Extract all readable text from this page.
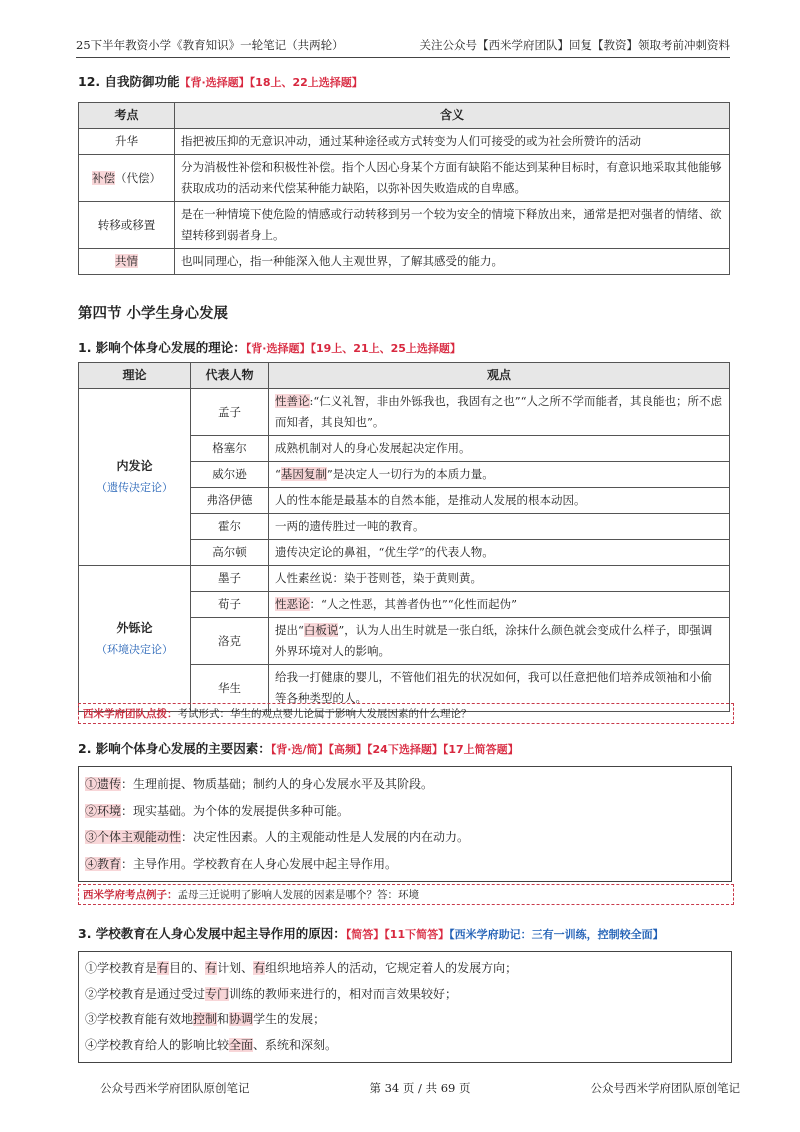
25下半年教资小学《教育知识》一轮笔记（共两轮）	关注公众号【西米学府团队】回复【教资】领取考前冲刺资料
12. 自我防御功能【背·选择题】【18上、22上选择题】
考点	含义
升华	指把被压抑的无意识冲动，通过某种途径或方式转变为人们可接受的或为社会所赞许的活动
补偿（代偿）	分为消极性补偿和积极性补偿。指个人因心身某个方面有缺陷不能达到某种目标时，有意识地采取其他能够获取成功的活动来代偿某种能力缺陷，以弥补因失败造成的自卑感。
转移或移置	是在一种情境下使危险的情感或行动转移到另一个较为安全的情境下释放出来，通常是把对强者的情绪、欲望转移到弱者身上。
共情	也叫同理心，指一种能深入他人主观世界，了解其感受的能力。
第四节 小学生身心发展
1. 影响个体身心发展的理论：【背·选择题】【19上、21上、25上选择题】
理论	代表人物	观点

内发论
（遗传决定论）	孟子	性善论:“仁义礼智，非由外铄我也，我固有之也”“人之所不学而能者，其良能也；所不虑而知者，其良知也”。
	格塞尔	成熟机制对人的身心发展起决定作用。
	威尔逊	“基因复制”是决定人一切行为的本质力量。
	弗洛伊德	人的性本能是最基本的自然本能，是推动人发展的根本动因。
	霍尔	一两的遗传胜过一吨的教育。
	高尔顿	遗传决定论的鼻祖，“优生学”的代表人物。

外铄论
（环境决定论）	墨子	人性素丝说：染于苍则苍，染于黄则黄。
	荀子	性恶论：“人之性恶，其善者伪也”“化性而起伪”
	洛克	提出“白板说”，认为人出生时就是一张白纸，涂抹什么颜色就会变成什么样子，即强调外界环境对人的影响。
	华生	给我一打健康的婴儿，不管他们祖先的状况如何，我可以任意把他们培养成领袖和小偷等各种类型的人。
西米学府团队点拨：考试形式：华生的观点婴儿论属于影响人发展因素的什么理论？
2. 影响个体身心发展的主要因素：【背·选/简】【高频】【24下选择题】【17上简答题】
①遗传：生理前提、物质基础；制约人的身心发展水平及其阶段。
②环境：现实基础。为个体的发展提供多种可能。
③个体主观能动性：决定性因素。人的主观能动性是人发展的内在动力。
④教育：主导作用。学校教育在人身心发展中起主导作用。
西米学府考点例子：孟母三迁说明了影响人发展的因素是哪个？答：环境
3. 学校教育在人身心发展中起主导作用的原因：【简答】【11下简答】【西米学府助记：三有一训练，控制较全面】
①学校教育是有目的、有计划、有组织地培养人的活动，它规定着人的发展方向；
②学校教育是通过受过专门训练的教师来进行的，相对而言效果较好；
③学校教育能有效地控制和协调学生的发展；
④学校教育给人的影响比较全面、系统和深刻。
公众号西米学府团队原创笔记	第 34 页 / 共 69 页	公众号西米学府团队原创笔记
